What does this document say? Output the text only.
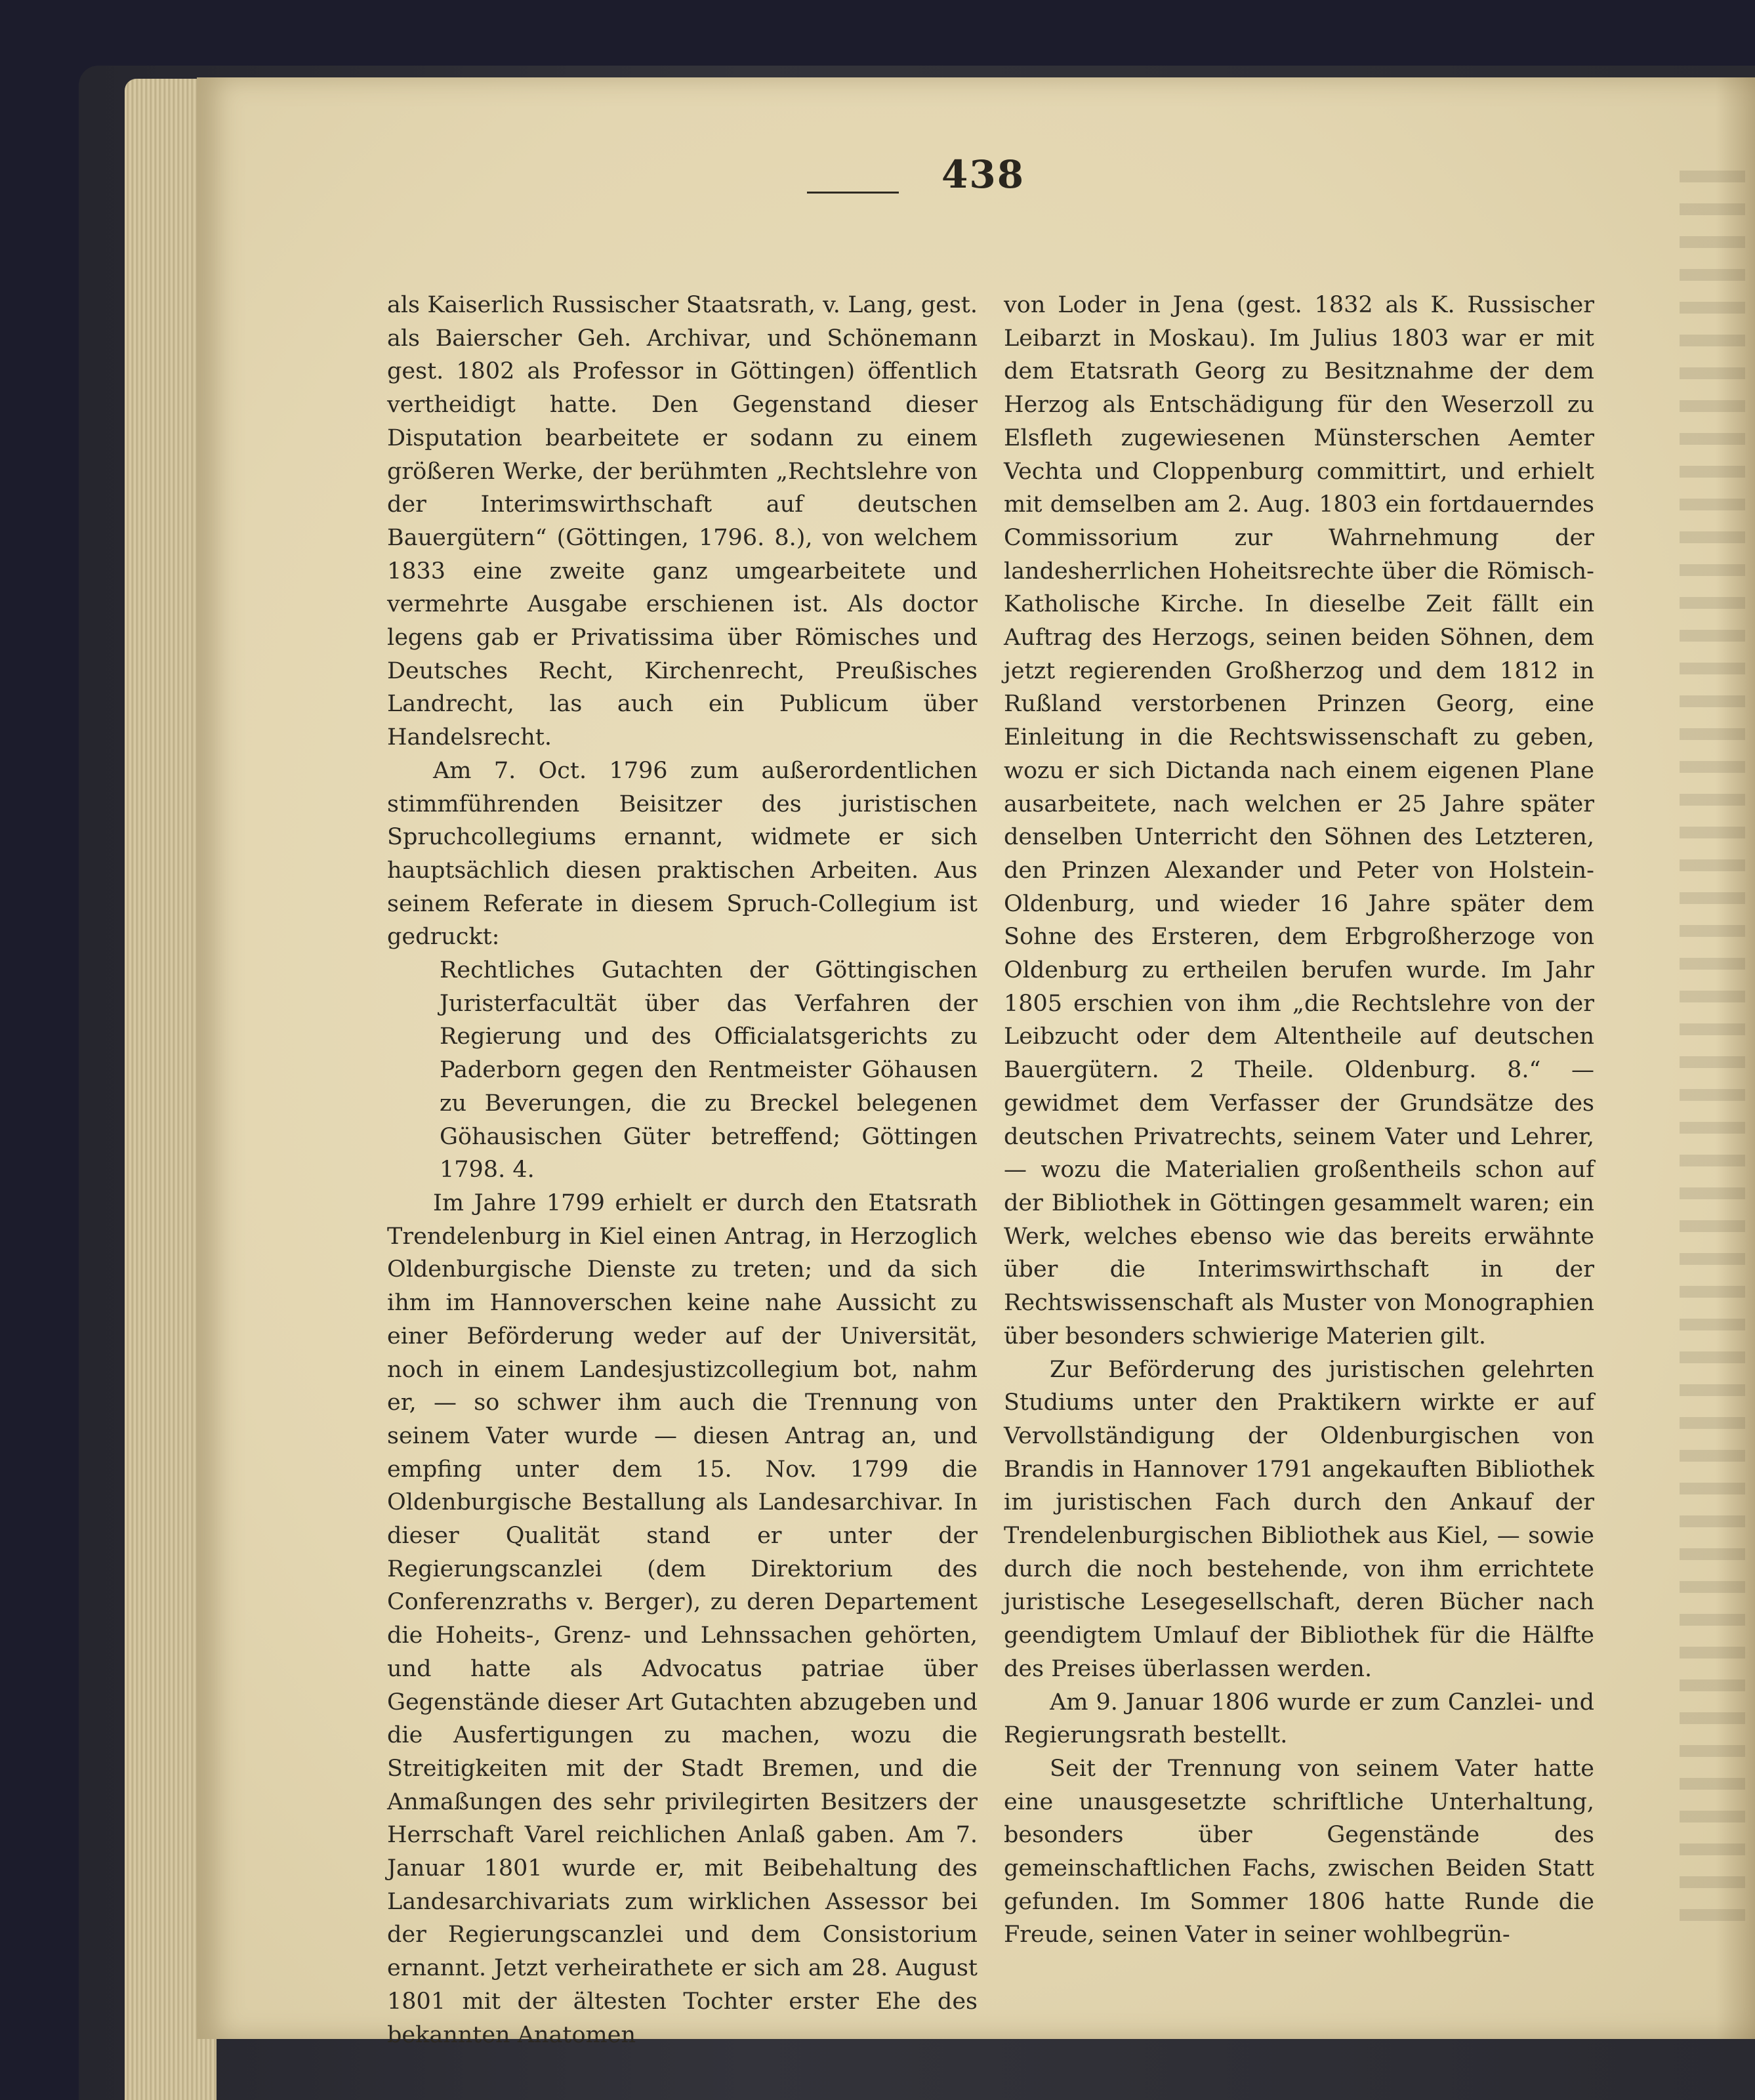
438

als Kaiserlich Russischer Staatsrath, v. Lang, gest. als Baierscher Geh. Archivar, und Schönemann gest. 1802 als Professor in Göttingen) öffentlich vertheidigt hatte. Den Gegenstand dieser Disputation bearbeitete er sodann zu einem größeren Werke, der berühmten „Rechtslehre von der Interimswirthschaft auf deutschen Bauergütern“ (Göttingen, 1796. 8.), von welchem 1833 eine zweite ganz umgearbeitete und vermehrte Ausgabe erschienen ist. Als doctor legens gab er Privatissima über Römisches und Deutsches Recht, Kirchenrecht, Preußisches Landrecht, las auch ein Publicum über Handelsrecht.

Am 7. Oct. 1796 zum außerordentlichen stimmführenden Beisitzer des juristischen Spruchcollegiums ernannt, widmete er sich hauptsächlich diesen praktischen Arbeiten. Aus seinem Referate in diesem Spruch-Collegium ist gedruckt:

Rechtliches Gutachten der Göttingischen Juristerfacultät über das Verfahren der Regierung und des Officialatsgerichts zu Paderborn gegen den Rentmeister Göhausen zu Beverungen, die zu Breckel belegenen Göhausischen Güter betreffend; Göttingen 1798. 4.

Im Jahre 1799 erhielt er durch den Etatsrath Trendelenburg in Kiel einen Antrag, in Herzoglich Oldenburgische Dienste zu treten; und da sich ihm im Hannoverschen keine nahe Aussicht zu einer Beförderung weder auf der Universität, noch in einem Landesjustizcollegium bot, nahm er, — so schwer ihm auch die Trennung von seinem Vater wurde — diesen Antrag an, und empfing unter dem 15. Nov. 1799 die Oldenburgische Bestallung als Landesarchivar. In dieser Qualität stand er unter der Regierungscanzlei (dem Direktorium des Conferenzraths v. Berger), zu deren Departement die Hoheits-, Grenz- und Lehnssachen gehörten, und hatte als Advocatus patriae über Gegenstände dieser Art Gutachten abzugeben und die Ausfertigungen zu machen, wozu die Streitigkeiten mit der Stadt Bremen, und die Anmaßungen des sehr privilegirten Besitzers der Herrschaft Varel reichlichen Anlaß gaben. Am 7. Januar 1801 wurde er, mit Beibehaltung des Landesarchivariats zum wirklichen Assessor bei der Regierungscanzlei und dem Consistorium ernannt. Jetzt verheirathete er sich am 28. August 1801 mit der ältesten Tochter erster Ehe des bekannten Anatomen

von Loder in Jena (gest. 1832 als K. Russischer Leibarzt in Moskau). Im Julius 1803 war er mit dem Etatsrath Georg zu Besitznahme der dem Herzog als Entschädigung für den Weserzoll zu Elsfleth zugewiesenen Münsterschen Aemter Vechta und Cloppenburg committirt, und erhielt mit demselben am 2. Aug. 1803 ein fortdauerndes Commissorium zur Wahrnehmung der landesherrlichen Hoheitsrechte über die Römisch-Katholische Kirche. In dieselbe Zeit fällt ein Auftrag des Herzogs, seinen beiden Söhnen, dem jetzt regierenden Großherzog und dem 1812 in Rußland verstorbenen Prinzen Georg, eine Einleitung in die Rechtswissenschaft zu geben, wozu er sich Dictanda nach einem eigenen Plane ausarbeitete, nach welchen er 25 Jahre später denselben Unterricht den Söhnen des Letzteren, den Prinzen Alexander und Peter von Holstein-Oldenburg, und wieder 16 Jahre später dem Sohne des Ersteren, dem Erbgroßherzoge von Oldenburg zu ertheilen berufen wurde. Im Jahr 1805 erschien von ihm „die Rechtslehre von der Leibzucht oder dem Altentheile auf deutschen Bauergütern. 2 Theile. Oldenburg. 8.“ — gewidmet dem Verfasser der Grundsätze des deutschen Privatrechts, seinem Vater und Lehrer, — wozu die Materialien großentheils schon auf der Bibliothek in Göttingen gesammelt waren; ein Werk, welches ebenso wie das bereits erwähnte über die Interimswirthschaft in der Rechtswissenschaft als Muster von Monographien über besonders schwierige Materien gilt.

Zur Beförderung des juristischen gelehrten Studiums unter den Praktikern wirkte er auf Vervollständigung der Oldenburgischen von Brandis in Hannover 1791 angekauften Bibliothek im juristischen Fach durch den Ankauf der Trendelenburgischen Bibliothek aus Kiel, — sowie durch die noch bestehende, von ihm errichtete juristische Lesegesellschaft, deren Bücher nach geendigtem Umlauf der Bibliothek für die Hälfte des Preises überlassen werden.

Am 9. Januar 1806 wurde er zum Canzlei- und Regierungsrath bestellt.

Seit der Trennung von seinem Vater hatte eine unausgesetzte schriftliche Unterhaltung, besonders über Gegenstände des gemeinschaftlichen Fachs, zwischen Beiden Statt gefunden. Im Sommer 1806 hatte Runde die Freude, seinen Vater in seiner wohlbegrün-
